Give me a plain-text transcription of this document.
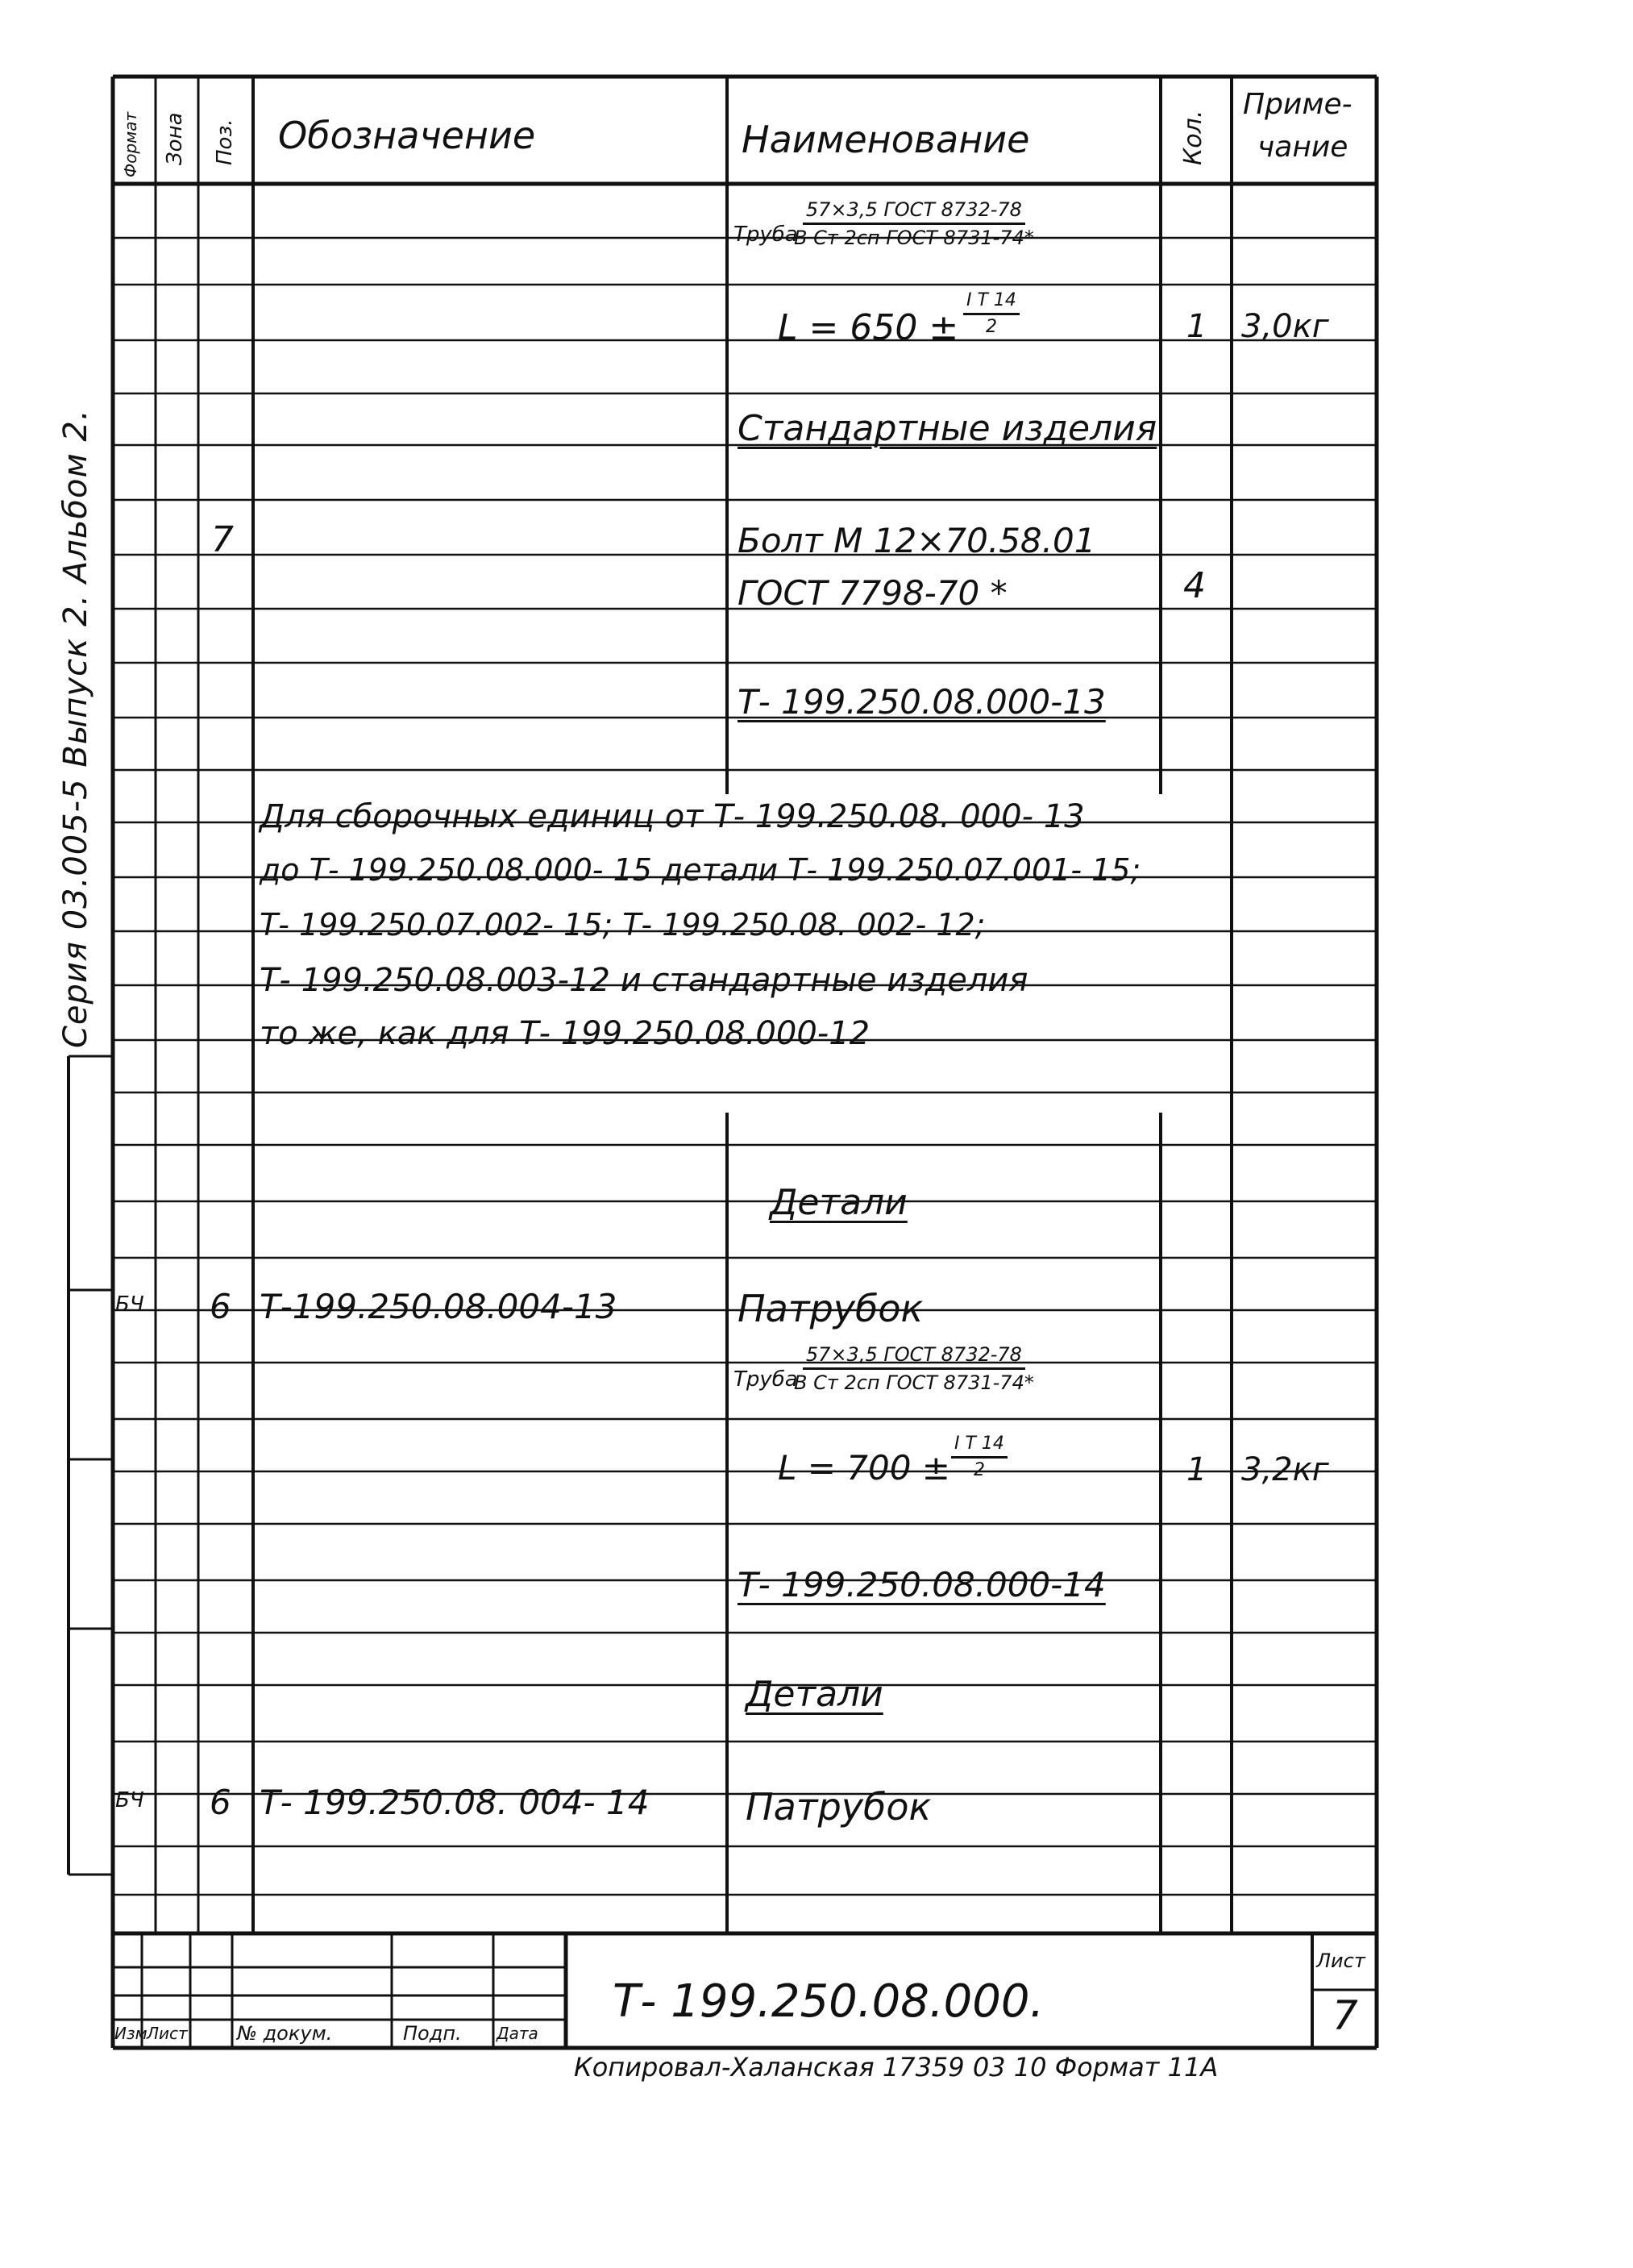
Серия 03.005-5 Выпуск 2. Альбом 2.
Формат Зона Поз. Обозначение	Наименование	Кол.
Приме-
чание
Труба
57×3,5 ГОСТ 8732-78
В Ст 2сп ГОСТ 8731-74*
$L = 650 \pm \frac{\text{I T 14}}{2}$	1 3,0кг
Стандартные изделия
7	Болт М 12×70.58.01
ГОСТ 7798-70 *	4
Т- 199.250.08.000-13
Для сборочных единиц от Т- 199.250.08. 000- 13
до Т- 199.250.08.000- 15 детали Т- 199.250.07.001- 15;
Т- 199.250.07.002- 15; Т- 199.250.08. 002- 12;
Т- 199.250.08.003-12 и стандартные изделия
то же, как для Т- 199.250.08.000-12
Детали
БЧ 6 Т-199.250.08.004-13	Патрубок
Труба
57×3,5 ГОСТ 8732-78
В Ст 2сп ГОСТ 8731-74*
$L = 700 \pm \frac{\text{I T 14}}{2}$	1 3,2кг
Т- 199.250.08.000-14
Детали
БЧ 6 Т- 199.250.08. 004- 14	Патрубок
Изм Лист	№ докум.	Подп. Дата
Т- 199.250.08.000.
Лист
7
Копировал-Халанская 17359 03 10 Формат 11А
